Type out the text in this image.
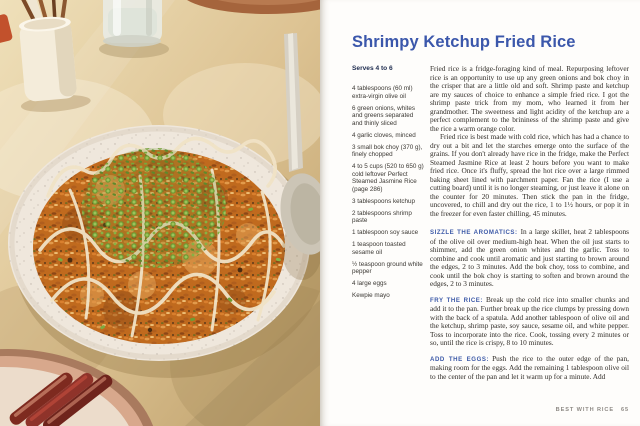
Shrimpy Ketchup Fried Rice
Serves 4 to 6
4 tablespoons (60 ml) extra-virgin olive oil
6 green onions, whites and greens separated and thinly sliced
4 garlic cloves, minced
3 small bok choy (370 g), finely chopped
4 to 5 cups (520 to 650 g) cold leftover Perfect Steamed Jasmine Rice (page 286)
3 tablespoons ketchup
2 tablespoons shrimp paste
1 tablespoon soy sauce
1 teaspoon toasted sesame oil
½ teaspoon ground white pepper
4 large eggs
Kewpie mayo

Fried rice is a fridge-foraging kind of meal. Repurposing leftover rice is an opportunity to use up any green onions and bok choy in the crisper that are a little old and soft. Shrimp paste and ketchup are my sauces of choice to enhance a simple fried rice. I got the shrimp paste trick from my mom, who learned it from her grandmother. The sweetness and light acidity of the ketchup are a perfect complement to the brininess of the shrimp paste and give the rice a warm orange color.

Fried rice is best made with cold rice, which has had a chance to dry out a bit and let the starches emerge onto the surface of the grains. If you don't already have rice in the fridge, make the Perfect Steamed Jasmine Rice at least 2 hours before you want to make fried rice. Once it's fluffy, spread the hot rice over a large rimmed baking sheet lined with parchment paper. Fan the rice (I use a cutting board) until it is no longer steaming, or just leave it alone on the counter for 20 minutes. Then stick the pan in the fridge, uncovered, to chill and dry out the rice, 1 to 1½ hours, or pop it in the freezer for even faster chilling, 45 minutes.

SIZZLE THE AROMATICS: In a large skillet, heat 2 tablespoons of the olive oil over medium-high heat. When the oil just starts to shimmer, add the green onion whites and the garlic. Toss to combine and cook until aromatic and just starting to brown around the edges, 2 to 3 minutes. Add the bok choy, toss to combine, and cook until the bok choy is starting to soften and brown around the edges, 2 to 3 minutes.

FRY THE RICE: Break up the cold rice into smaller chunks and add it to the pan. Further break up the rice clumps by pressing down with the back of a spatula. Add another tablespoon of olive oil and the ketchup, shrimp paste, soy sauce, sesame oil, and white pepper. Toss to incorporate into the rice. Cook, tossing every 2 minutes or so, until the rice is crispy, 8 to 10 minutes.

ADD THE EGGS: Push the rice to the outer edge of the pan, making room for the eggs. Add the remaining 1 tablespoon olive oil to the center of the pan and let it warm up for a minute. Add

BEST WITH RICE 65
